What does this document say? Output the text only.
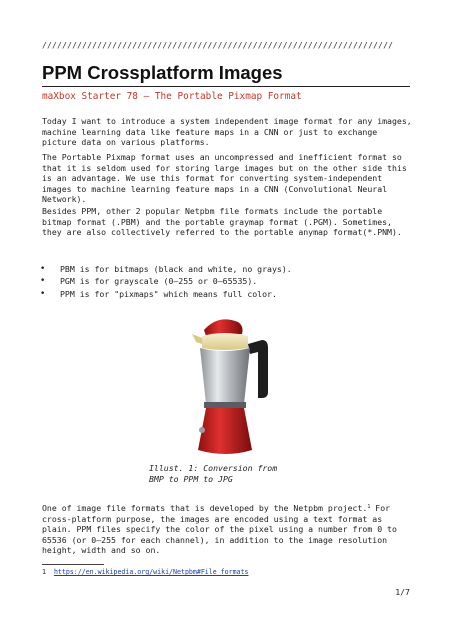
//////////////////////////////////////////////////////////////////////
PPM Crossplatform Images
maXbox Starter 78 – The Portable Pixmap Format

Today I want to introduce a system independent image format for any images, machine learning data like feature maps in a CNN or just to exchange picture data on various platforms.

The Portable Pixmap format uses an uncompressed and inefficient format so that it is seldom used for storing large images but on the other side this is an advantage. We use this format for converting system-independent images to machine learning feature maps in a CNN (Convolutional Neural Network).

Besides PPM, other 2 popular Netpbm file formats include the portable bitmap format (.PBM) and the portable graymap format (.PGM). Sometimes, they are also collectively referred to the portable anymap format(*.PNM).

• PBM is for bitmaps (black and white, no grays).
• PGM is for grayscale (0–255 or 0–65535).
• PPM is for "pixmaps" which means full color.

Illust. 1: Conversion from
BMP to PPM to JPG

One of image file formats that is developed by the Netpbm project.$^1$ For cross-platform purpose, the images are encoded using a text format as plain. PPM files specify the color of the pixel using a number from 0 to 65536 (or 0–255 for each channel), in addition to the image resolution height, width and so on.

1 https://en.wikipedia.org/wiki/Netpbm#File_formats
1/7
